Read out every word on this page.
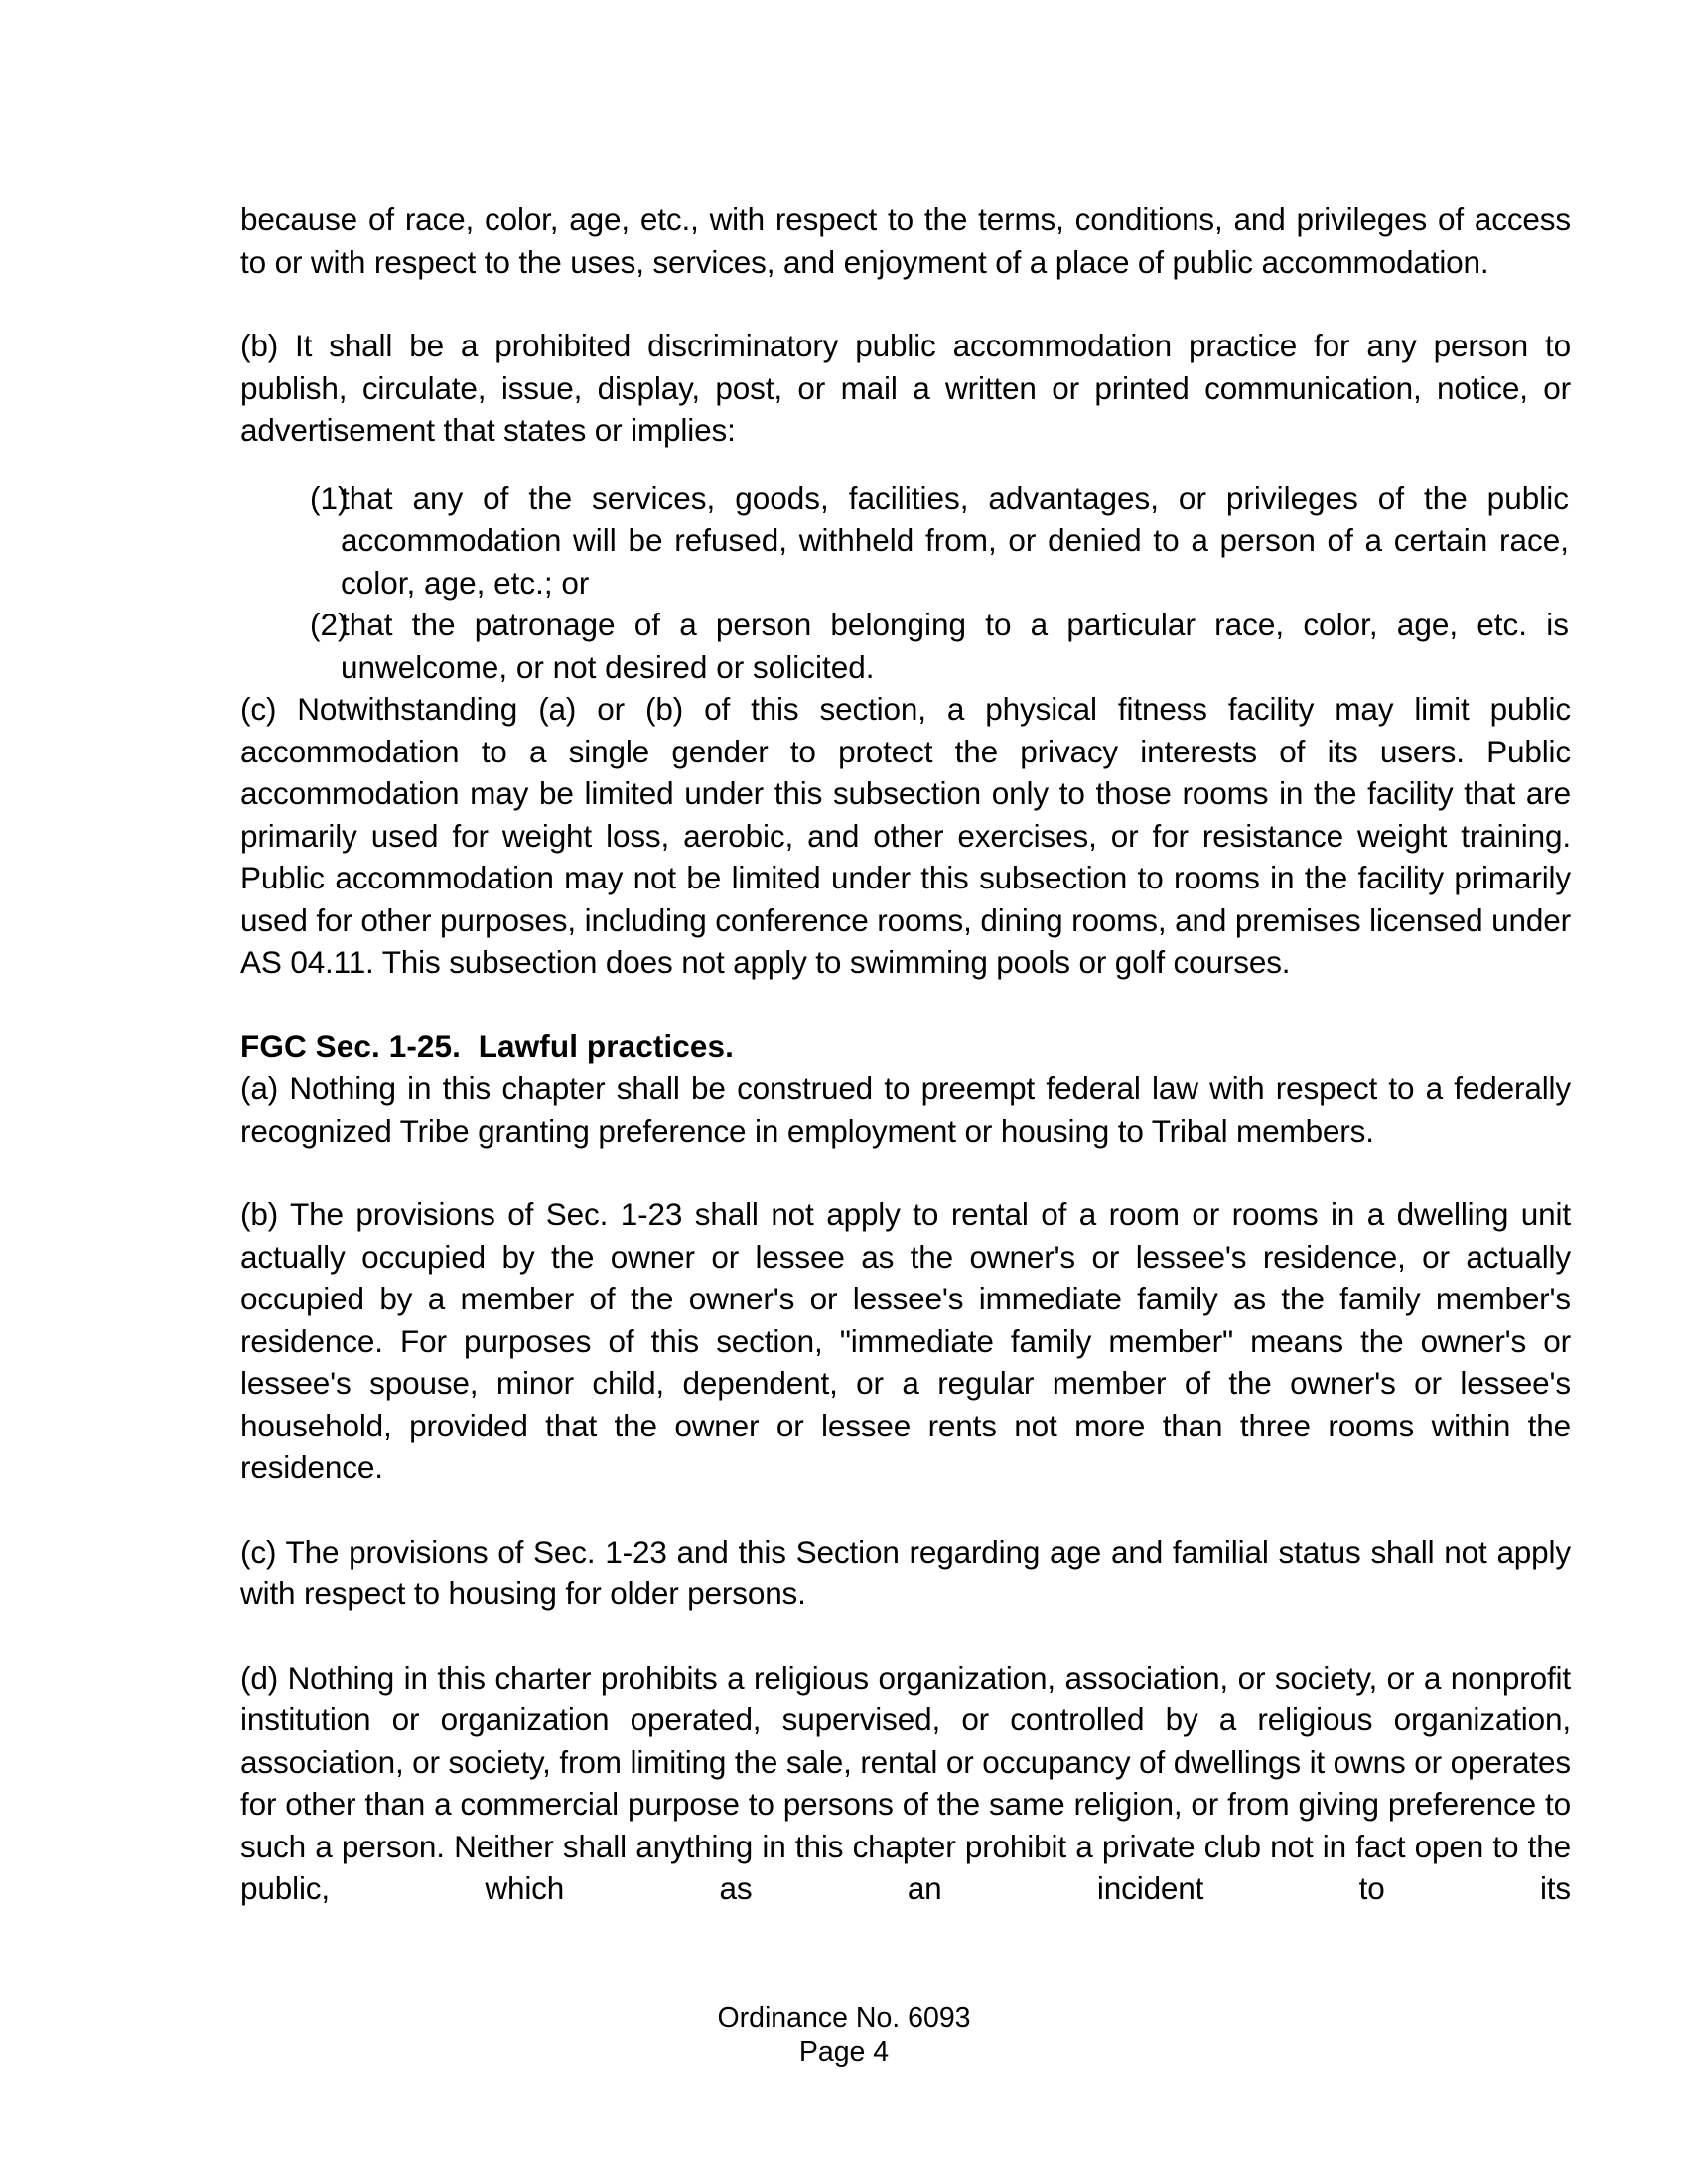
because of race, color, age, etc., with respect to the terms, conditions, and privileges of access to or with respect to the uses, services, and enjoyment of a place of public accommodation.

(b) It shall be a prohibited discriminatory public accommodation practice for any person to publish, circulate, issue, display, post, or mail a written or printed communication, notice, or advertisement that states or implies:

(1)
that any of the services, goods, facilities, advantages, or privileges of the public accommodation will be refused, withheld from, or denied to a person of a certain race, color, age, etc.; or
(2)
that the patronage of a person belonging to a particular race, color, age, etc. is unwelcome, or not desired or solicited.

(c) Notwithstanding (a) or (b) of this section, a physical fitness facility may limit public accommodation to a single gender to protect the privacy interests of its users. Public accommodation may be limited under this subsection only to those rooms in the facility that are primarily used for weight loss, aerobic, and other exercises, or for resistance weight training. Public accommodation may not be limited under this subsection to rooms in the facility primarily used for other purposes, including conference rooms, dining rooms, and premises licensed under AS 04.11. This subsection does not apply to swimming pools or golf courses.

FGC Sec. 1-25.  Lawful practices.

(a) Nothing in this chapter shall be construed to preempt federal law with respect to a federally recognized Tribe granting preference in employment or housing to Tribal members.

(b) The provisions of Sec. 1-23 shall not apply to rental of a room or rooms in a dwelling unit actually occupied by the owner or lessee as the owner's or lessee's residence, or actually occupied by a member of the owner's or lessee's immediate family as the family member's residence. For purposes of this section, "immediate family member" means the owner's or lessee's spouse, minor child, dependent, or a regular member of the owner's or lessee's household, provided that the owner or lessee rents not more than three rooms within the residence.

(c) The provisions of Sec. 1-23 and this Section regarding age and familial status shall not apply with respect to housing for older persons.

(d) Nothing in this charter prohibits a religious organization, association, or society, or a nonprofit institution or organization operated, supervised, or controlled by a religious organization, association, or society, from limiting the sale, rental or occupancy of dwellings it owns or operates for other than a commercial purpose to persons of the same religion, or from giving preference to such a person. Neither shall anything in this chapter prohibit a private club not in fact open to the public, which as an incident to its

Ordinance No. 6093
Page 4
